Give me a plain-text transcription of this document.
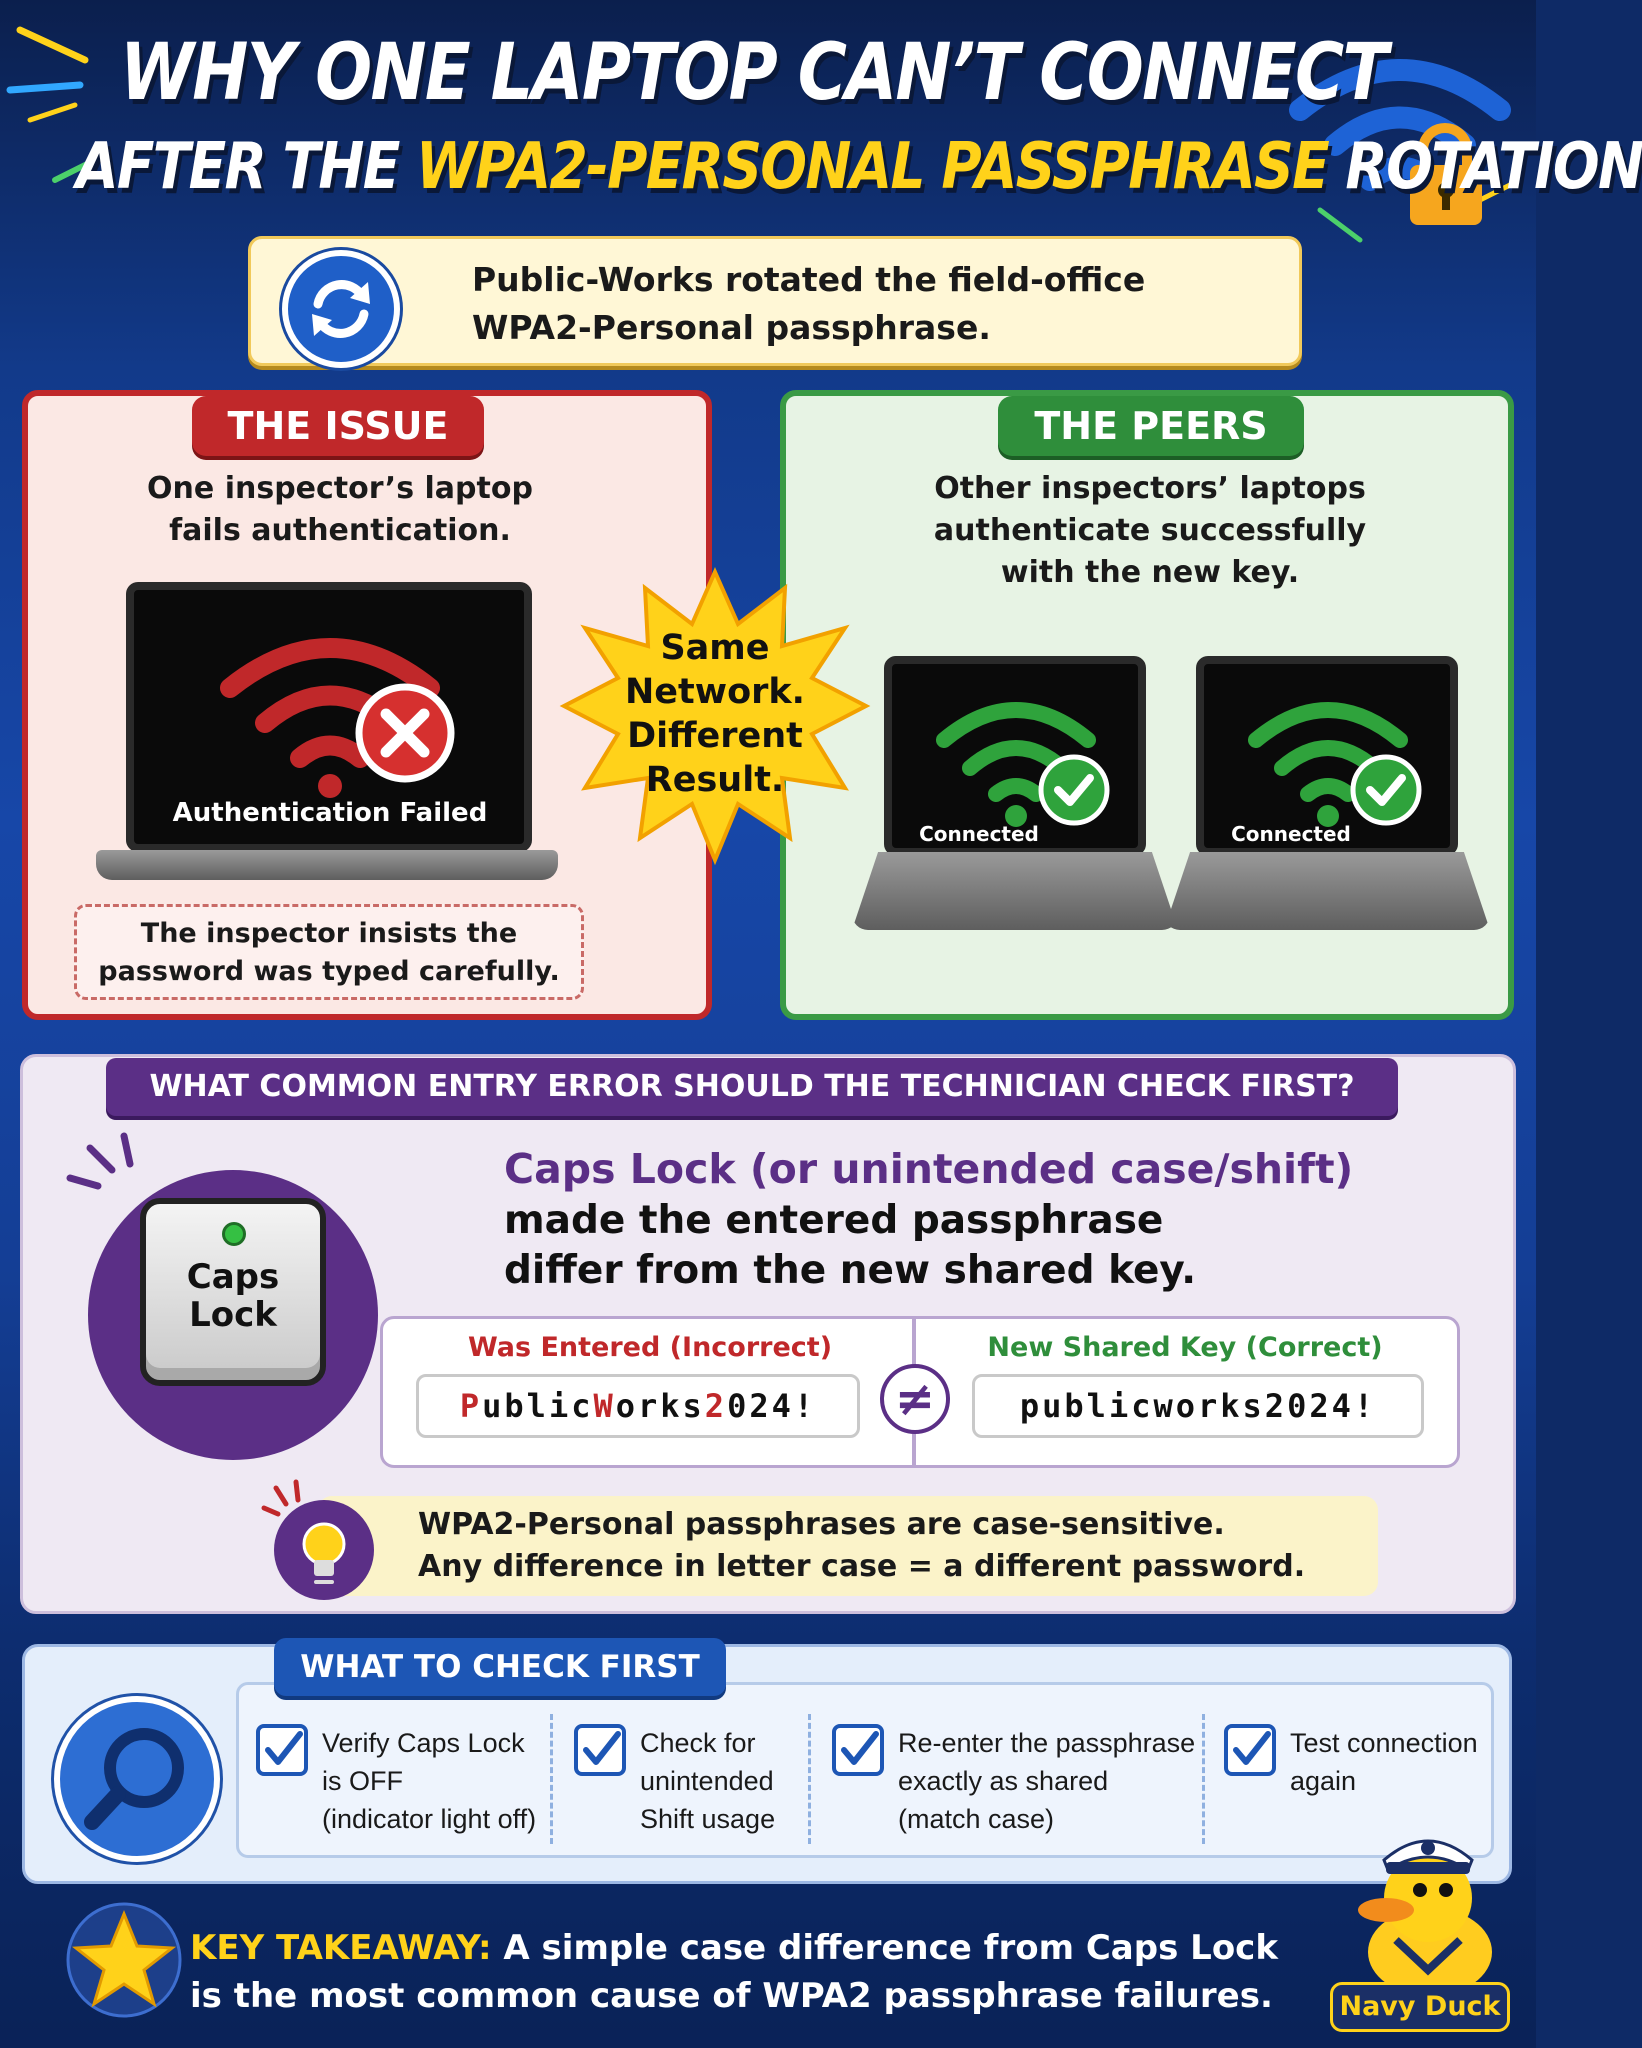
WHY ONE LAPTOP CAN’T CONNECT
AFTER THE WPA2-PERSONAL PASSPHRASE ROTATION
Public-Works rotated the field-office
WPA2-Personal passphrase.
THE ISSUE
One inspector’s laptop
fails authentication.
Authentication Failed
The inspector insists the
password was typed carefully.
THE PEERS
Other inspectors’ laptops
authenticate successfully
with the new key.
Connected	Connected
Same
Network.
Different
Result.
WHAT COMMON ENTRY ERROR SHOULD THE TECHNICIAN CHECK FIRST?
Caps
Lock
Caps Lock (or unintended case/shift)
made the entered passphrase
differ from the new shared key.
Was Entered (Incorrect)
PublicWorks2024!	≠
New Shared Key (Correct)
publicworks2024!
WPA2-Personal passphrases are case-sensitive.
Any difference in letter case = a different password.
WHAT TO CHECK FIRST
Verify Caps Lock
is OFF
(indicator light off)
Check for
unintended
Shift usage
Re-enter the passphrase
exactly as shared
(match case)
Test connection
again
KEY TAKEAWAY: A simple case difference from Caps Lock
is the most common cause of WPA2 passphrase failures.	Navy Duck
